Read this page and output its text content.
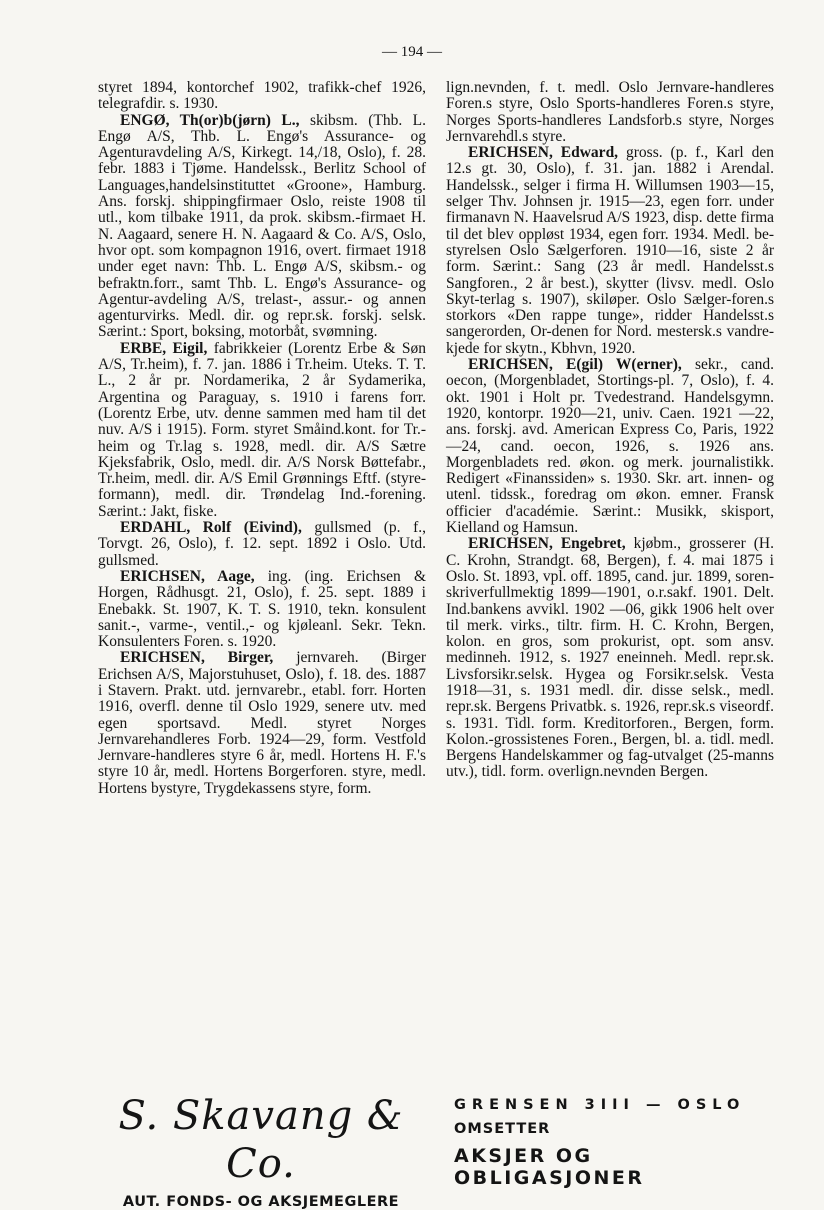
— 194 —

styret 1894, kontorchef 1902, trafikk-chef 1926, telegrafdir. s. 1930.

ENGØ, Th(or)b(jørn) L., skibsm. (Thb. L. Engø A/S, Thb. L. Engø's Assurance- og Agenturavdeling A/S, Kirkegt. 14,/18, Oslo), f. 28. febr. 1883 i Tjøme. Handelssk., Berlitz School of Languages,handelsinstituttet «Groone», Hamburg. Ans. forskj. shippingfirmaer Oslo, reiste 1908 til utl., kom tilbake 1911, da prok. skibsm.-firmaet H. N. Aagaard, senere H. N. Aagaard & Co. A/S, Oslo, hvor opt. som kompagnon 1916, overt. firmaet 1918 under eget navn: Thb. L. Engø A/S, skibsm.- og befraktn.forr., samt Thb. L. Engø's Assurance- og Agentur-avdeling A/S, trelast-, assur.- og annen agenturvirks. Medl. dir. og repr.sk. forskj. selsk. Særint.: Sport, boksing, motorbåt, svømning.

ERBE, Eigil, fabrikkeier (Lorentz Erbe & Søn A/S, Tr.heim), f. 7. jan. 1886 i Tr.heim. Uteks. T. T. L., 2 år pr. Nordamerika, 2 år Sydamerika, Argentina og Paraguay, s. 1910 i farens forr. (Lorentz Erbe, utv. denne sammen med ham til det nuv. A/S i 1915). Form. styret Småind.kont. for Tr.-heim og Tr.lag s. 1928, medl. dir. A/S Sætre Kjeksfabrik, Oslo, medl. dir. A/S Norsk Bøttefabr., Tr.heim, medl. dir. A/S Emil Grønnings Eftf. (styre-formann), medl. dir. Trøndelag Ind.-forening. Særint.: Jakt, fiske.

ERDAHL, Rolf (Eivind), gullsmed (p. f., Torvgt. 26, Oslo), f. 12. sept. 1892 i Oslo. Utd. gullsmed.

ERICHSEN, Aage, ing. (ing. Erichsen & Horgen, Rådhusgt. 21, Oslo), f. 25. sept. 1889 i Enebakk. St. 1907, K. T. S. 1910, tekn. konsulent sanit.-, varme-, ventil.,- og kjøleanl. Sekr. Tekn. Konsulenters Foren. s. 1920.

ERICHSEN, Birger, jernvareh. (Birger Erichsen A/S, Majorstuhuset, Oslo), f. 18. des. 1887 i Stavern. Prakt. utd. jernvarebr., etabl. forr. Horten 1916, overfl. denne til Oslo 1929, senere utv. med egen sportsavd. Medl. styret Norges Jernvarehandleres Forb. 1924—29, form. Vestfold Jernvare-handleres styre 6 år, medl. Hortens H. F.'s styre 10 år, medl. Hortens Borgerforen. styre, medl. Hortens bystyre, Trygdekassens styre, form.

lign.nevnden, f. t. medl. Oslo Jernvare-handleres Foren.s styre, Oslo Sports-handleres Foren.s styre, Norges Sports-handleres Landsforb.s styre, Norges Jernvarehdl.s styre.

ERICHSEN, Edward, gross. (p. f., Karl den 12.s gt. 30, Oslo), f. 31. jan. 1882 i Arendal. Handelssk., selger i firma H. Willumsen 1903—15, selger Thv. Johnsen jr. 1915—23, egen forr. under firmanavn N. Haavelsrud A/S 1923, disp. dette firma til det blev oppløst 1934, egen forr. 1934. Medl. be-styrelsen Oslo Sælgerforen. 1910—16, siste 2 år form. Særint.: Sang (23 år medl. Handelsst.s Sangforen., 2 år best.), skytter (livsv. medl. Oslo Skyt-terlag s. 1907), skiløper. Oslo Sælger-foren.s storkors «Den rappe tunge», ridder Handelsst.s sangerorden, Or-denen for Nord. mestersk.s vandre-kjede for skytn., Kbhvn, 1920.

ERICHSEN, E(gil) W(erner), sekr., cand. oecon, (Morgenbladet, Stortings-pl. 7, Oslo), f. 4. okt. 1901 i Holt pr. Tvedestrand. Handelsgymn. 1920, kontorpr. 1920—21, univ. Caen. 1921 —22, ans. forskj. avd. American Express Co, Paris, 1922—24, cand. oecon, 1926, s. 1926 ans. Morgenbladets red. økon. og merk. journalistikk. Redigert «Finanssiden» s. 1930. Skr. art. innen- og utenl. tidssk., foredrag om økon. emner. Fransk officier d'académie. Særint.: Musikk, skisport, Kielland og Hamsun.

ERICHSEN, Engebret, kjøbm., grosserer (H. C. Krohn, Strandgt. 68, Bergen), f. 4. mai 1875 i Oslo. St. 1893, vpl. off. 1895, cand. jur. 1899, soren-skriverfullmektig 1899—1901, o.r.sakf. 1901. Delt. Ind.bankens avvikl. 1902 —06, gikk 1906 helt over til merk. virks., tiltr. firm. H. C. Krohn, Bergen, kolon. en gros, som prokurist, opt. som ansv. medinneh. 1912, s. 1927 eneinneh. Medl. repr.sk. Livsforsikr.selsk. Hygea og Forsikr.selsk. Vesta 1918—31, s. 1931 medl. dir. disse selsk., medl. repr.sk. Bergens Privatbk. s. 1926, repr.sk.s viseordf. s. 1931. Tidl. form. Kreditorforen., Bergen, form. Kolon.-grossistenes Foren., Bergen, bl. a. tidl. medl. Bergens Handelskammer og fag-utvalget (25-manns utv.), tidl. form. overlign.nevnden Bergen.

S. Skavang & Co.
AUT. FONDS- OG AKSJEMEGLERE
GRENSEN 3III — OSLO
OMSETTER
AKSJER OG OBLIGASJONER
